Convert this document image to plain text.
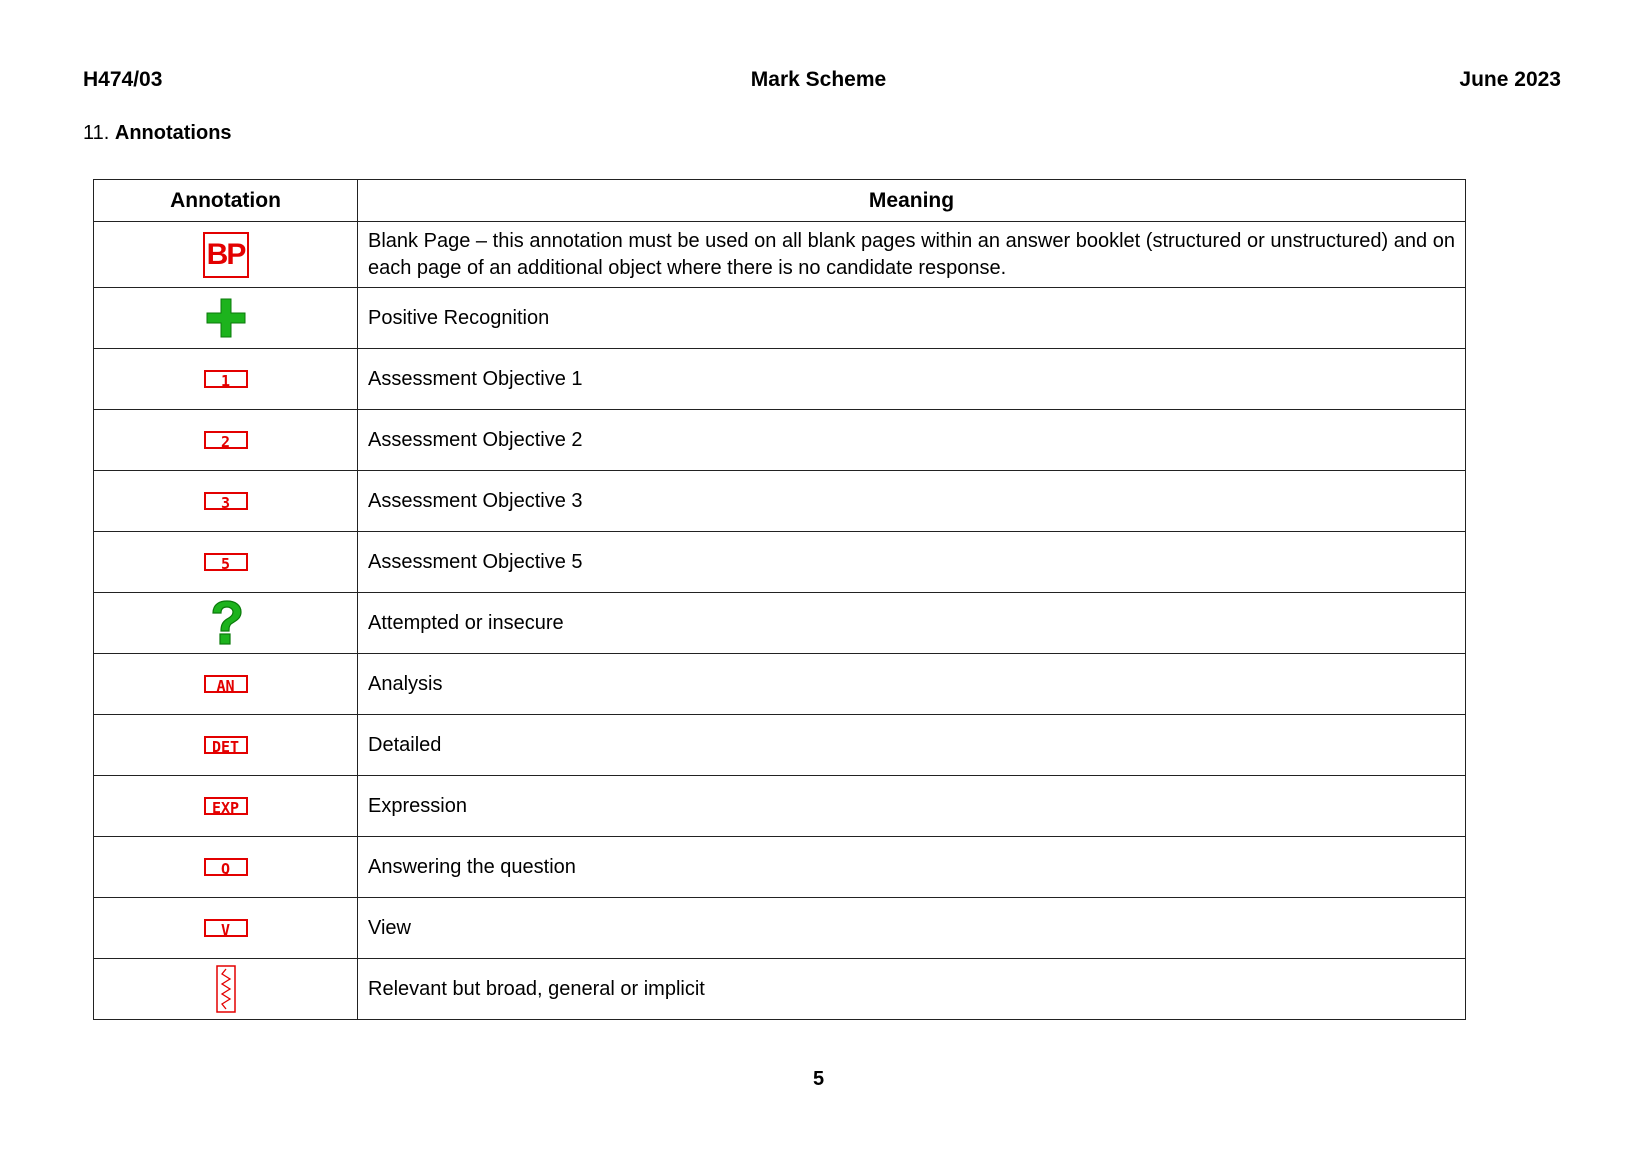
H474/03	Mark Scheme	June 2023
11. Annotations
Annotation	Meaning
BP	Blank Page – this annotation must be used on all blank pages within an answer booklet (structured or unstructured) and on each page of an additional object where there is no candidate response.
	Positive Recognition
1	Assessment Objective 1
2	Assessment Objective 2
3	Assessment Objective 3
5	Assessment Objective 5
	Attempted or insecure
AN	Analysis
DET	Detailed
EXP	Expression
Q	Answering the question
V	View
	Relevant but broad, general or implicit
5
